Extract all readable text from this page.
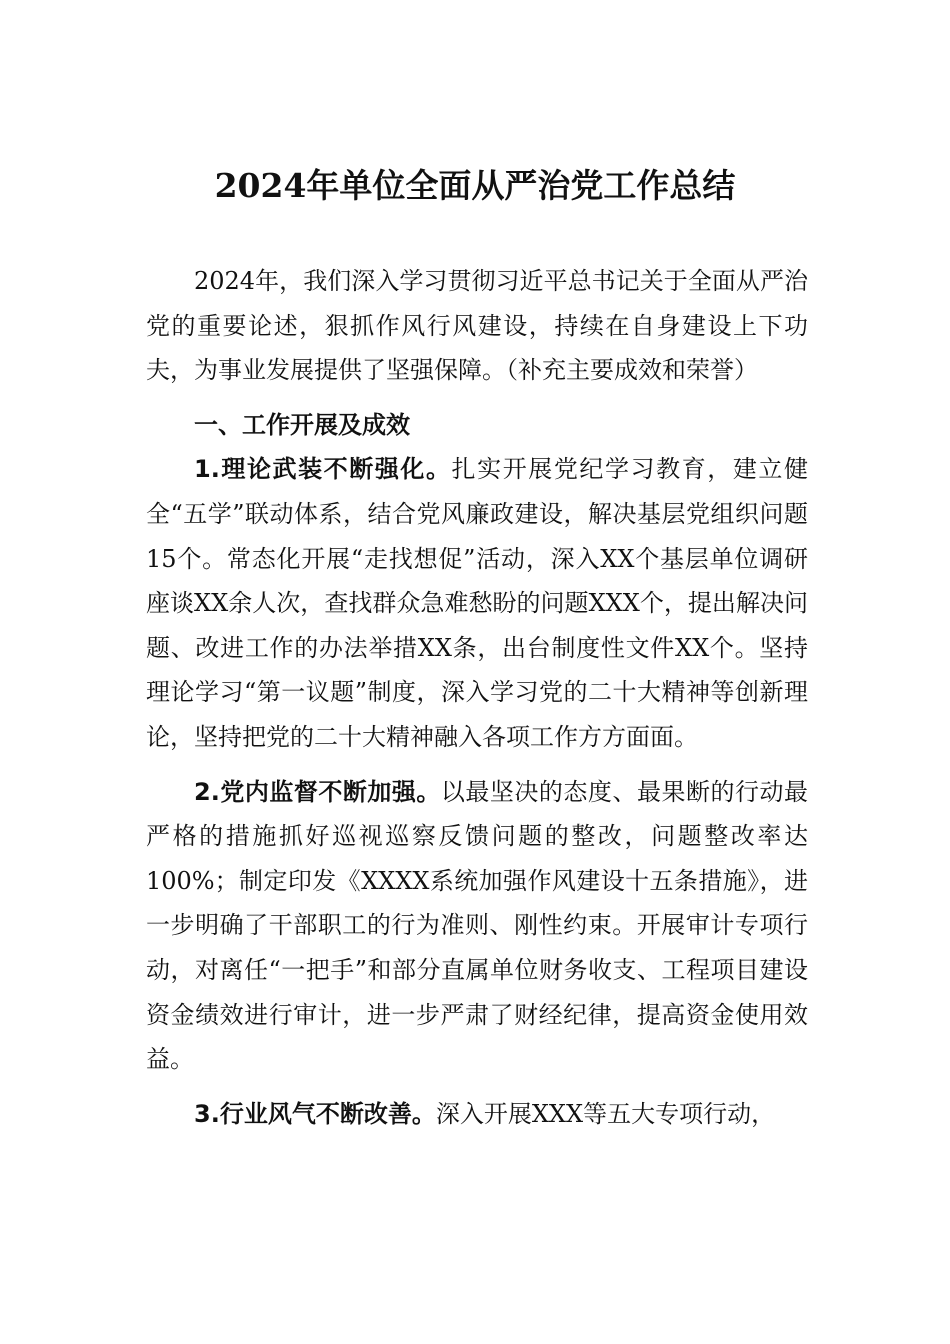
2024年单位全面从严治党工作总结

2024年，我们深入学习贯彻习近平总书记关于全面从严治党的重要论述，狠抓作风行风建设，持续在自身建设上下功夫，为事业发展提供了坚强保障。（补充主要成效和荣誉）

一、工作开展及成效

1.理论武装不断强化。扎实开展党纪学习教育，建立健全“五学”联动体系，结合党风廉政建设，解决基层党组织问题15个。常态化开展“走找想促”活动，深入XX个基层单位调研座谈XX余人次，查找群众急难愁盼的问题XXX个，提出解决问题、改进工作的办法举措XX条，出台制度性文件XX个。坚持理论学习“第一议题”制度，深入学习党的二十大精神等创新理论，坚持把党的二十大精神融入各项工作方方面面。

2.党内监督不断加强。以最坚决的态度、最果断的行动最严格的措施抓好巡视巡察反馈问题的整改，问题整改率达100%；制定印发《XXXX系统加强作风建设十五条措施》，进一步明确了干部职工的行为准则、刚性约束。开展审计专项行动，对离任“一把手”和部分直属单位财务收支、工程项目建设资金绩效进行审计，进一步严肃了财经纪律，提高资金使用效益。

3.行业风气不断改善。深入开展XXX等五大专项行动，
